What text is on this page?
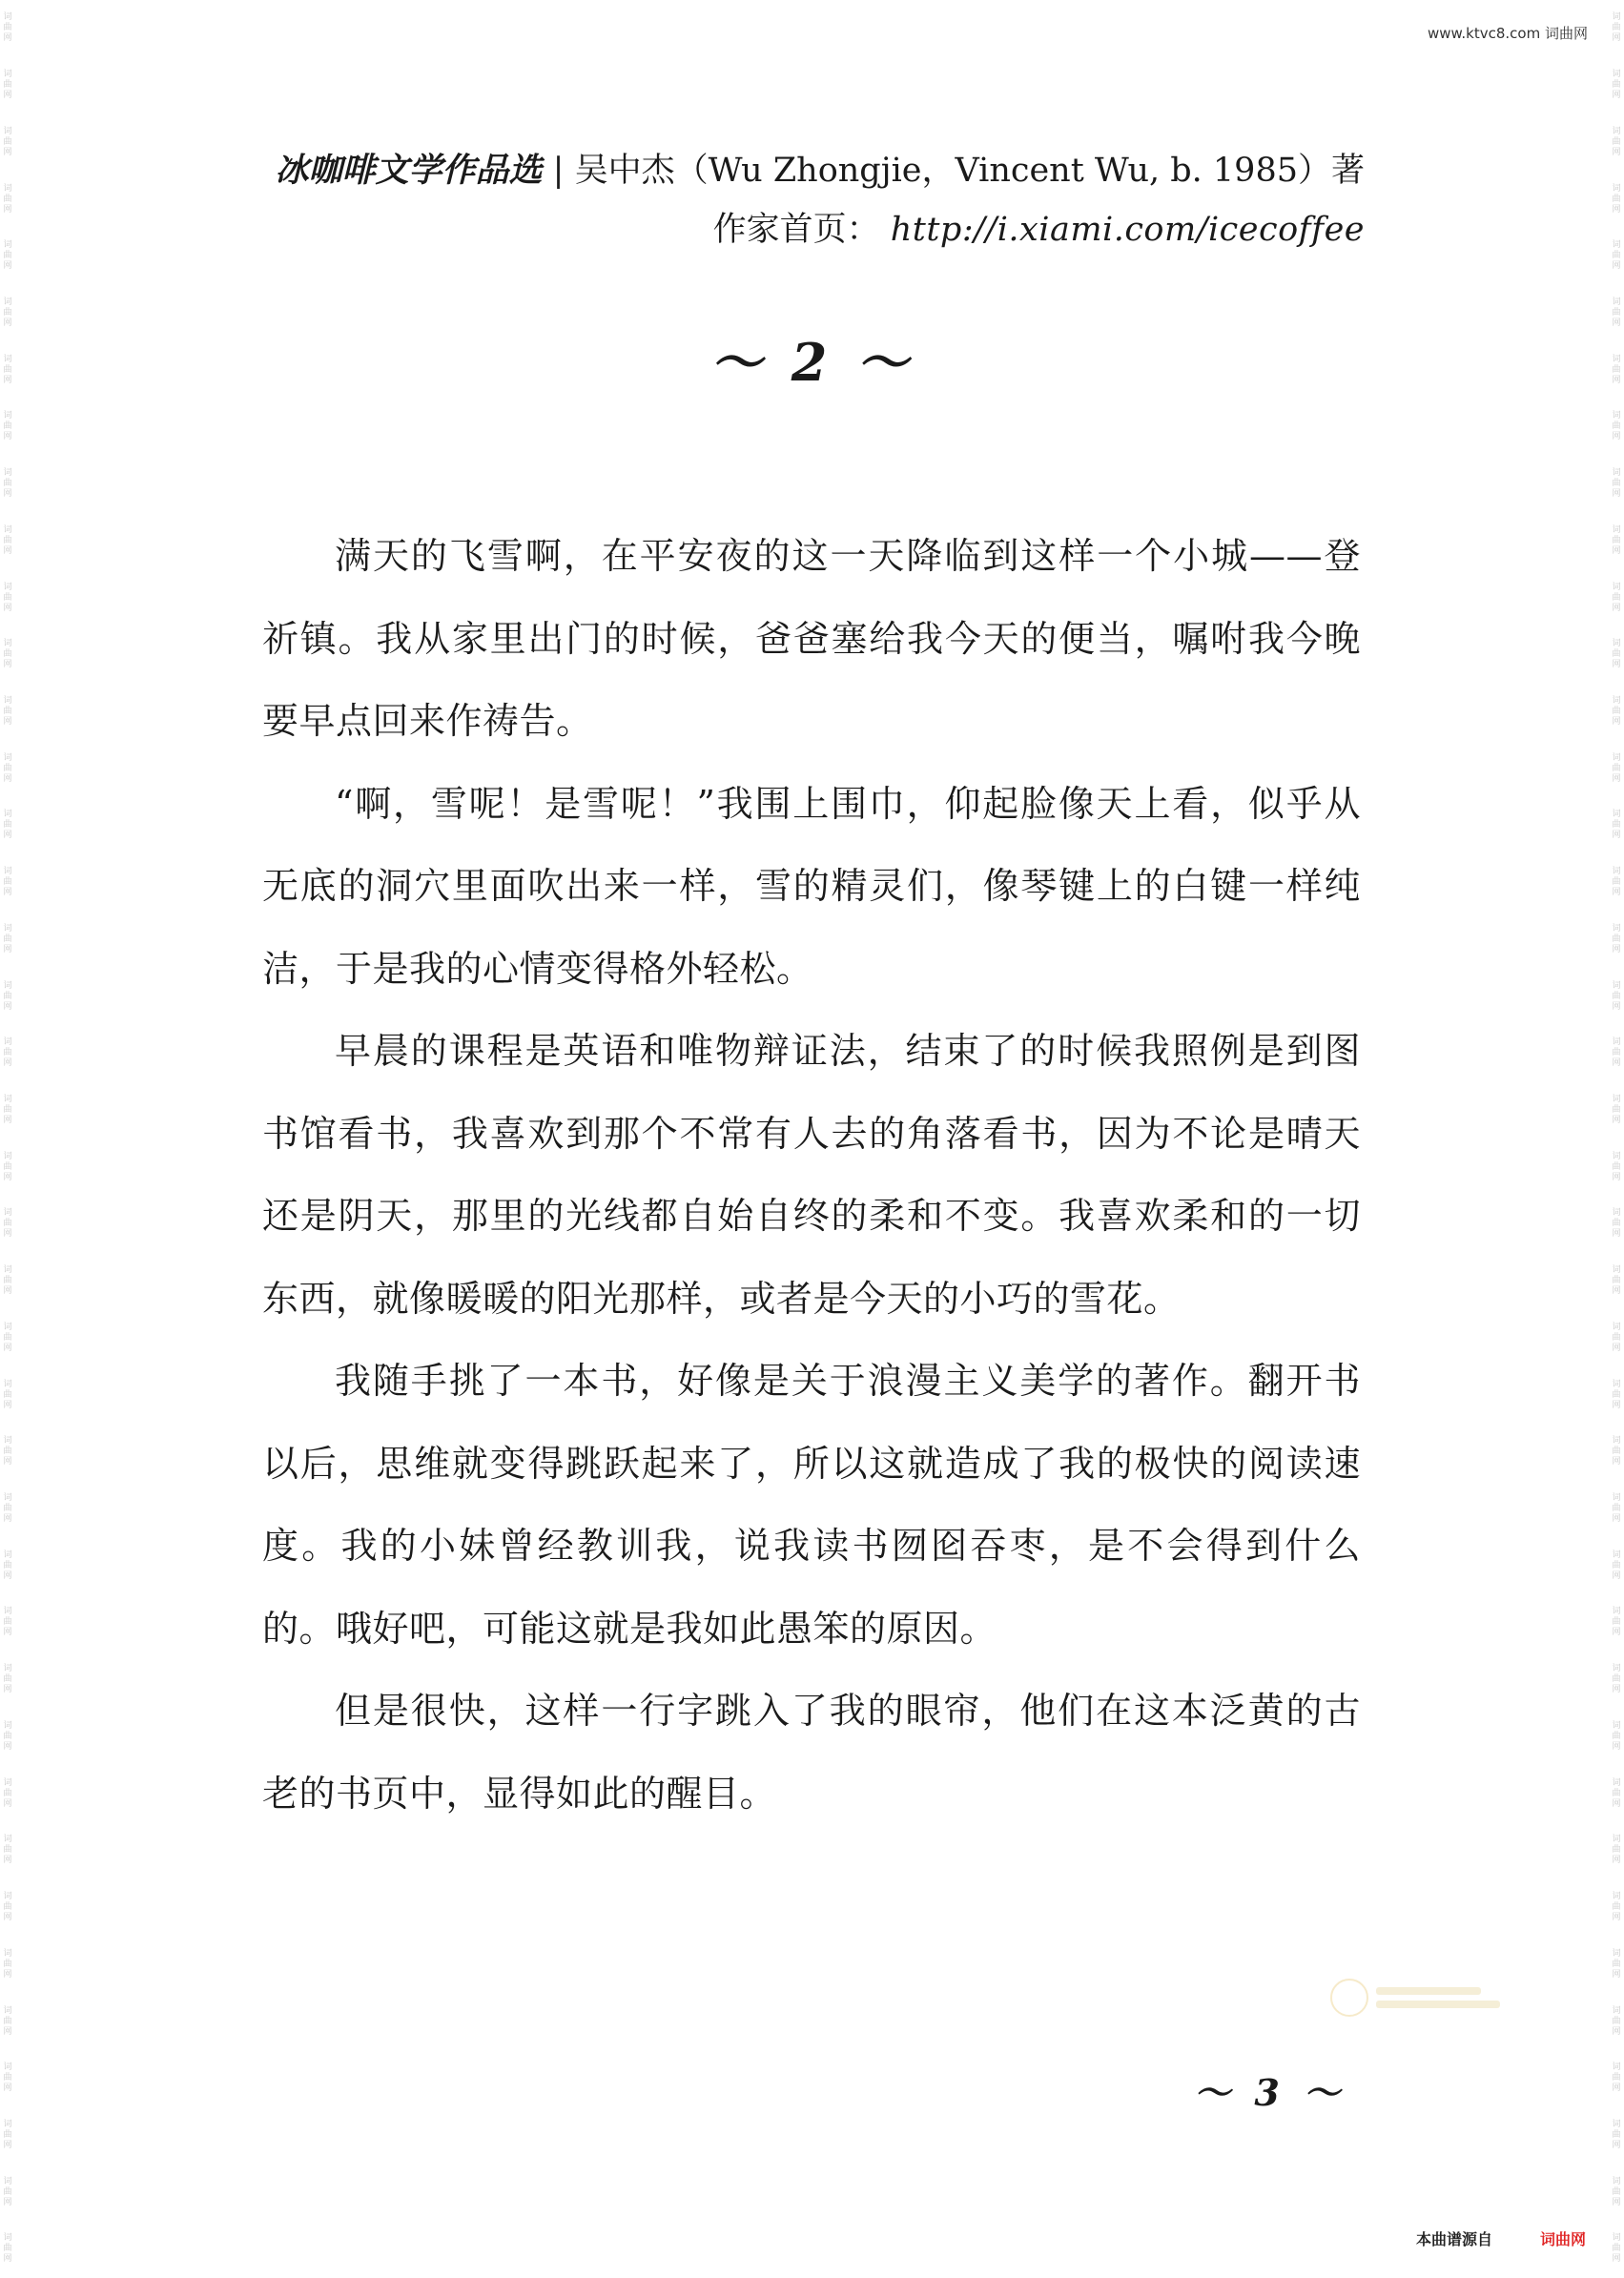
www.ktvc8.com 词曲网
词曲网
词曲网
词曲网
词曲网
词曲网
词曲网
词曲网
词曲网
词曲网
词曲网
词曲网
词曲网
词曲网
词曲网
词曲网
词曲网
词曲网
词曲网
词曲网
词曲网
词曲网
词曲网
词曲网
词曲网
词曲网
词曲网
词曲网
词曲网
词曲网
词曲网
词曲网
词曲网
词曲网
词曲网
词曲网
词曲网
词曲网
词曲网
词曲网
词曲网
词曲网
词曲网
词曲网
词曲网
词曲网
词曲网
词曲网
词曲网
词曲网
词曲网
词曲网
词曲网
词曲网
词曲网
词曲网
词曲网
词曲网
词曲网
词曲网
词曲网
词曲网
词曲网
词曲网
词曲网
词曲网
词曲网
词曲网
词曲网
词曲网
词曲网
词曲网
词曲网
词曲网
词曲网
词曲网
词曲网
词曲网
词曲网
词曲网
词曲网
冰咖啡文学作品选 | 吴中杰（Wu Zhongjie，Vincent Wu, b. 1985）著
作家首页： http://i.xiami.com/icecoffee
～ 2 ～

满天的飞雪啊，在平安夜的这一天降临到这样一个小城——登祈镇。我从家里出门的时候，爸爸塞给我今天的便当，嘱咐我今晚要早点回来作祷告。

“啊，雪呢！是雪呢！”我围上围巾，仰起脸像天上看，似乎从无底的洞穴里面吹出来一样，雪的精灵们，像琴键上的白键一样纯洁，于是我的心情变得格外轻松。

早晨的课程是英语和唯物辩证法，结束了的时候我照例是到图书馆看书，我喜欢到那个不常有人去的角落看书，因为不论是晴天还是阴天，那里的光线都自始自终的柔和不变。我喜欢柔和的一切东西，就像暖暖的阳光那样，或者是今天的小巧的雪花。

我随手挑了一本书，好像是关于浪漫主义美学的著作。翻开书以后，思维就变得跳跃起来了，所以这就造成了我的极快的阅读速度。我的小妹曾经教训我，说我读书囫囵吞枣，是不会得到什么的。哦好吧，可能这就是我如此愚笨的原因。

但是很快，这样一行字跳入了我的眼帘，他们在这本泛黄的古老的书页中，显得如此的醒目。

～ 3 ～
本曲谱源自	词曲网
